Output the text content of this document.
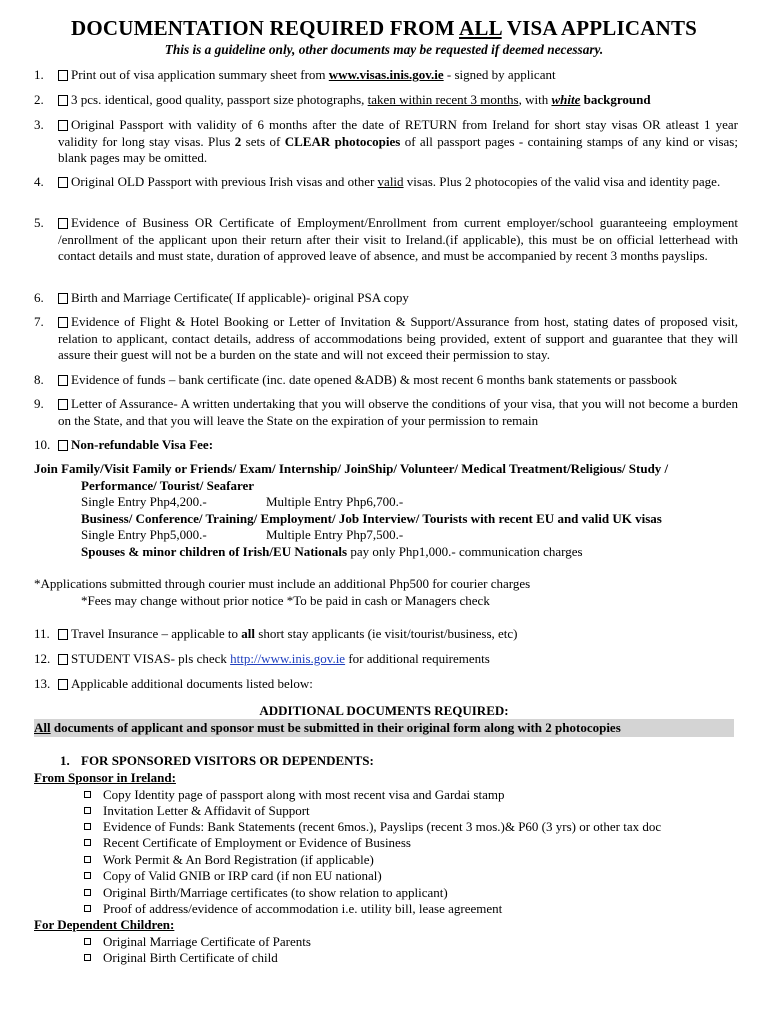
DOCUMENTATION REQUIRED FROM ALL VISA APPLICANTS
This is a guideline only, other documents may be requested if deemed necessary.
1.	Print out of visa application summary sheet from www.visas.inis.gov.ie - signed by applicant
2.	3 pcs. identical, good quality, passport size photographs, taken within recent 3 months, with white background
3.	Original Passport with validity of 6 months after the date of RETURN from Ireland for short stay visas OR atleast 1 year validity for long stay visas. Plus 2 sets of CLEAR photocopies of all passport pages - containing stamps of any kind or visas; blank pages may be omitted.
4.	Original OLD Passport with previous Irish visas and other valid visas. Plus 2 photocopies of the valid visa and identity page.
5.	Evidence of Business OR Certificate of Employment/Enrollment from current employer/school guaranteeing employment /enrollment of the applicant upon their return after their visit to Ireland.(if applicable), this must be on official letterhead with contact details and must state, duration of approved leave of absence, and must be accompanied by recent 3 months payslips.
6.	Birth and Marriage Certificate( If applicable)- original PSA copy
7.	Evidence of Flight & Hotel Booking or Letter of Invitation & Support/Assurance from host, stating dates of proposed visit, relation to applicant, contact details, address of accommodations being provided, extent of support and guarantee that they will assure their guest will not be a burden on the state and will not exceed their permission to stay.
8.	Evidence of funds – bank certificate (inc. date opened &ADB) & most recent 6 months bank statements or passbook
9.	Letter of Assurance- A written undertaking that you will observe the conditions of your visa, that you will not become a burden on the State, and that you will leave the State on the expiration of your permission to remain
10.	Non-refundable Visa Fee:
Join Family/Visit Family or Friends/ Exam/ Internship/ JoinShip/ Volunteer/ Medical Treatment/Religious/ Study /
Performance/ Tourist/ Seafarer
Single Entry Php4,200.-	Multiple Entry Php6,700.-
Business/ Conference/ Training/ Employment/ Job Interview/ Tourists with recent EU and valid UK visas
Single Entry Php5,000.-	Multiple Entry Php7,500.-
Spouses & minor children of Irish/EU Nationals pay only Php1,000.- communication charges
*Applications submitted through courier must include an additional Php500 for courier charges
*Fees may change without prior notice *To be paid in cash or Managers check
11.	Travel Insurance – applicable to all short stay applicants (ie visit/tourist/business, etc)
12.	STUDENT VISAS- pls check http://www.inis.gov.ie for additional requirements
13.	Applicable additional documents listed below:
ADDITIONAL DOCUMENTS REQUIRED:
All documents of applicant and sponsor must be submitted in their original form along with 2 photocopies
1. FOR SPONSORED VISITORS OR DEPENDENTS:
From Sponsor in Ireland:
Copy Identity page of passport along with most recent visa and Gardai stamp
Invitation Letter & Affidavit of Support
Evidence of Funds: Bank Statements (recent 6mos.), Payslips (recent 3 mos.)& P60 (3 yrs) or other tax doc
Recent Certificate of Employment or Evidence of Business
Work Permit & An Bord Registration (if applicable)
Copy of Valid GNIB or IRP card (if non EU national)
Original Birth/Marriage certificates (to show relation to applicant)
Proof of address/evidence of accommodation i.e. utility bill, lease agreement
For Dependent Children:
Original Marriage Certificate of Parents
Original Birth Certificate of child
